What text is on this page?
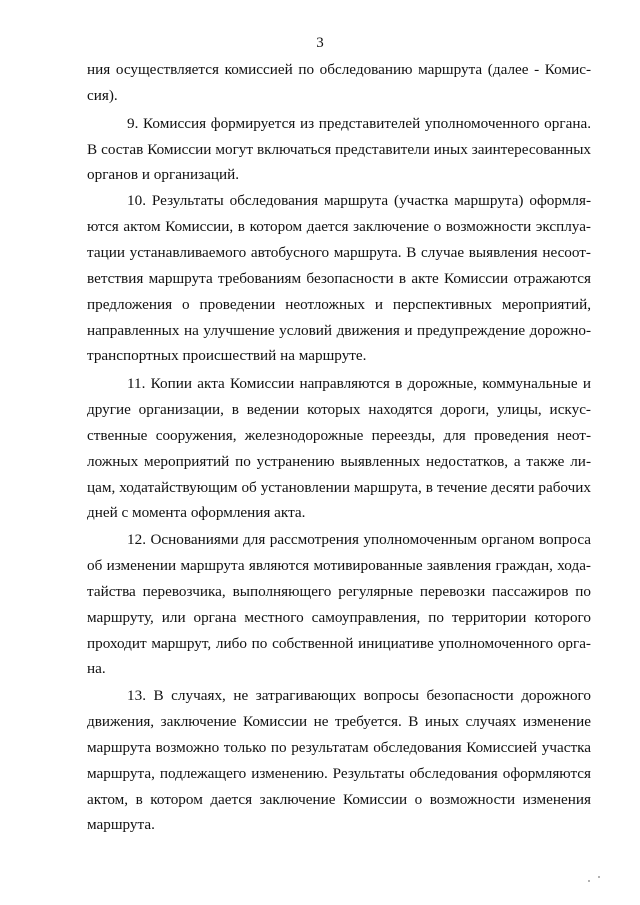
3
ния осуществляется комиссией по обследованию маршрута (далее - Комис-
сия).
9. Комиссия формируется из представителей уполномоченного органа.
В состав Комиссии могут включаться представители иных заинтересованных
органов и организаций.
10. Результаты обследования маршрута (участка маршрута) оформля-
ются актом Комиссии, в котором дается заключение о возможности эксплуа-
тации устанавливаемого автобусного маршрута. В случае выявления несоот-
ветствия маршрута требованиям безопасности в акте Комиссии отражаются
предложения о проведении неотложных и перспективных мероприятий,
направленных на улучшение условий движения и предупреждение дорожно-
транспортных происшествий на маршруте.
11. Копии акта Комиссии направляются в дорожные, коммунальные и
другие организации, в ведении которых находятся дороги, улицы, искус-
ственные сооружения, железнодорожные переезды, для проведения неот-
ложных мероприятий по устранению выявленных недостатков, а также ли-
цам, ходатайствующим об установлении маршрута, в течение десяти рабочих
дней с момента оформления акта.
12. Основаниями для рассмотрения уполномоченным органом вопроса
об изменении маршрута являются мотивированные заявления граждан, хода-
тайства перевозчика, выполняющего регулярные перевозки пассажиров по
маршруту, или органа местного самоуправления, по территории которого
проходит маршрут, либо по собственной инициативе уполномоченного орга-
на.
13. В случаях, не затрагивающих вопросы безопасности дорожного
движения, заключение Комиссии не требуется. В иных случаях изменение
маршрута возможно только по результатам обследования Комиссией участка
маршрута, подлежащего изменению. Результаты обследования оформляются
актом, в котором дается заключение Комиссии о возможности изменения
маршрута.
